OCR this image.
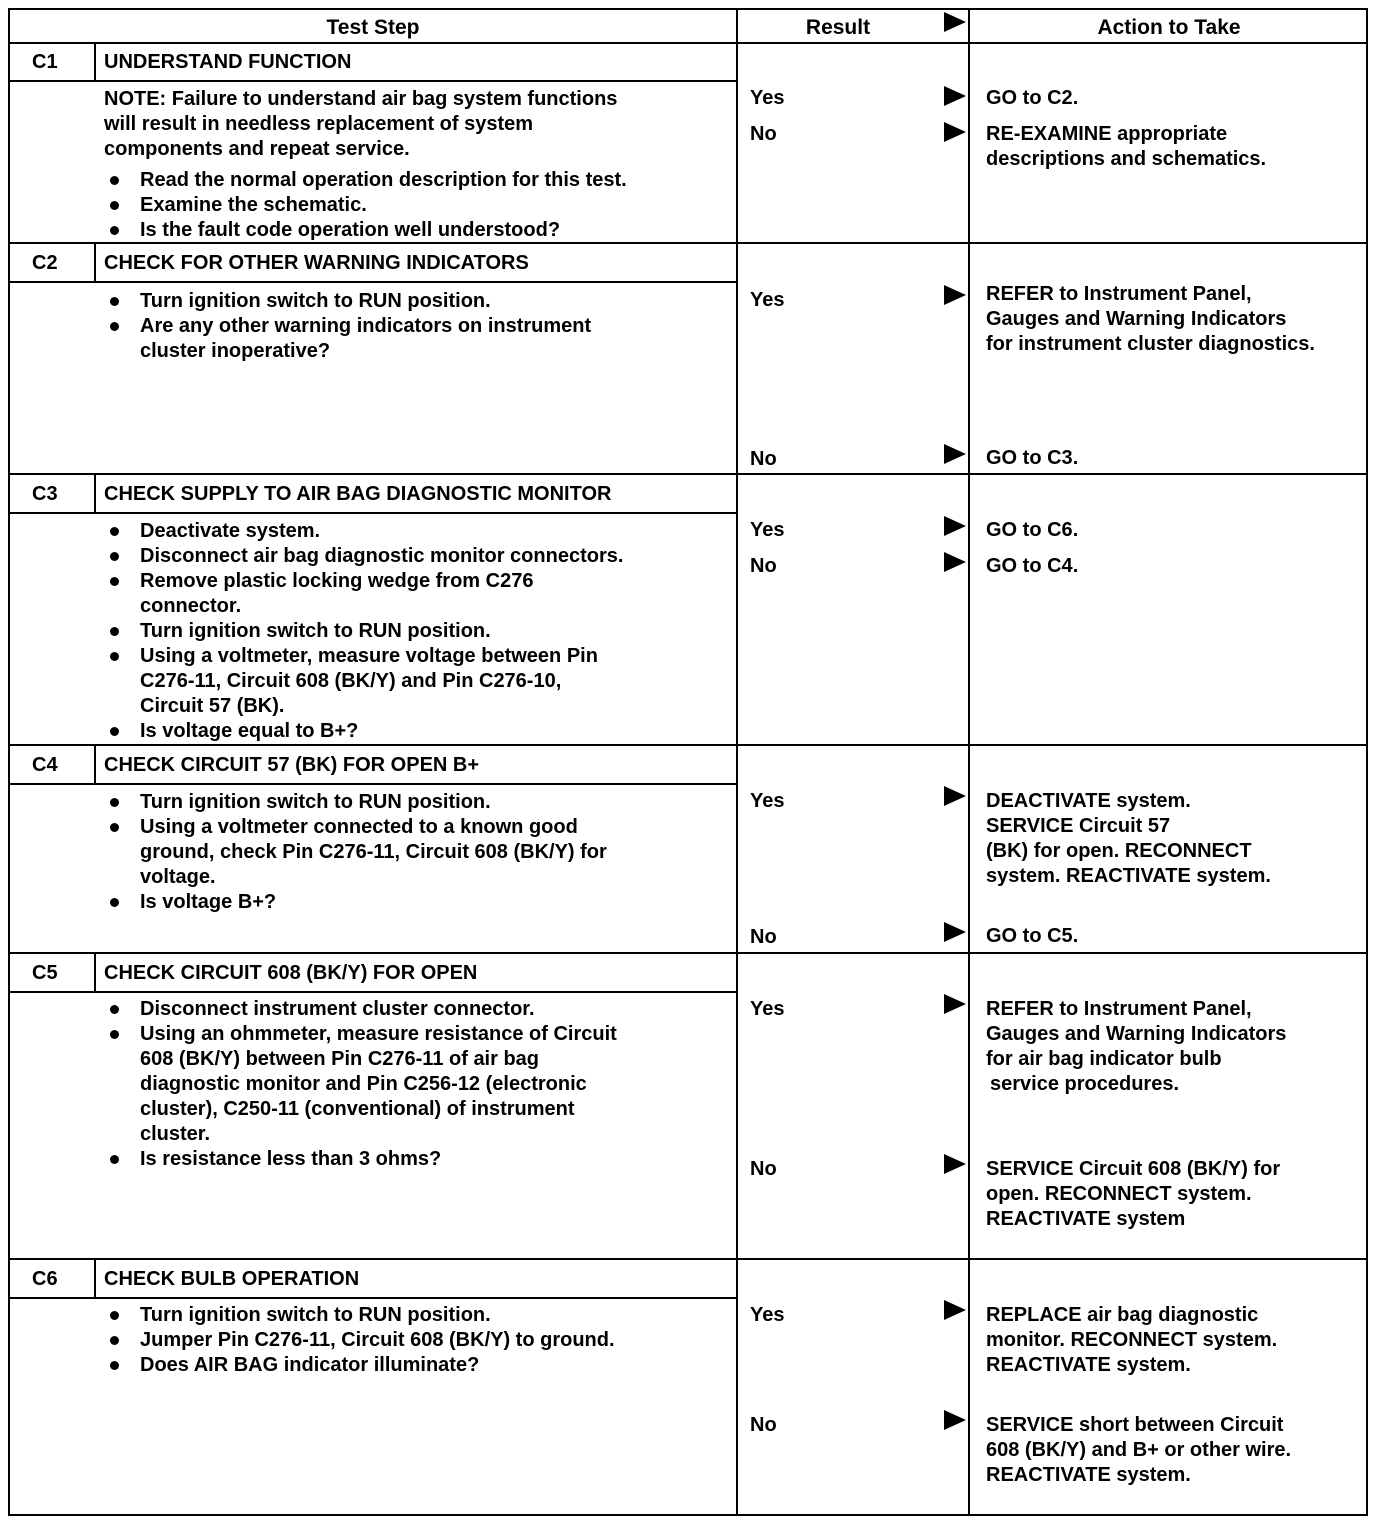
Test Step	Result	Action to Take
C1 UNDERSTAND FUNCTION
NOTE: Failure to understand air bag system functions
will result in needless replacement of system
components and repeat service.
Read the normal operation description for this test.
Examine the schematic.
Is the fault code operation well understood?
Yes	GO to C2.
No	RE-EXAMINE appropriate
descriptions and schematics.
C2 CHECK FOR OTHER WARNING INDICATORS
Turn ignition switch to RUN position.
Are any other warning indicators on instrument
cluster inoperative?
Yes	REFER to Instrument Panel,
Gauges and Warning Indicators
for instrument cluster diagnostics.
No	GO to C3.
C3 CHECK SUPPLY TO AIR BAG DIAGNOSTIC MONITOR
Deactivate system.
Disconnect air bag diagnostic monitor connectors.
Remove plastic locking wedge from C276
connector.
Turn ignition switch to RUN position.
Using a voltmeter, measure voltage between Pin
C276-11, Circuit 608 (BK/Y) and Pin C276-10,
Circuit 57 (BK).
Is voltage equal to B+?
Yes	GO to C6.
No	GO to C4.
C4 CHECK CIRCUIT 57 (BK) FOR OPEN B+
Turn ignition switch to RUN position.
Using a voltmeter connected to a known good
ground, check Pin C276-11, Circuit 608 (BK/Y) for
voltage.
Is voltage B+?
Yes	DEACTIVATE system.
SERVICE Circuit 57
(BK) for open. RECONNECT
system. REACTIVATE system.
No	GO to C5.
C5 CHECK CIRCUIT 608 (BK/Y) FOR OPEN
Disconnect instrument cluster connector.
Using an ohmmeter, measure resistance of Circuit
608 (BK/Y) between Pin C276-11 of air bag
diagnostic monitor and Pin C256-12 (electronic
cluster), C250-11 (conventional) of instrument
cluster.
Is resistance less than 3 ohms?
Yes	REFER to Instrument Panel,
Gauges and Warning Indicators
for air bag indicator bulb
service procedures.
No	SERVICE Circuit 608 (BK/Y) for
open. RECONNECT system.
REACTIVATE system
C6 CHECK BULB OPERATION
Turn ignition switch to RUN position.
Jumper Pin C276-11, Circuit 608 (BK/Y) to ground.
Does AIR BAG indicator illuminate?
Yes	REPLACE air bag diagnostic
monitor. RECONNECT system.
REACTIVATE system.
No	SERVICE short between Circuit
608 (BK/Y) and B+ or other wire.
REACTIVATE system.
